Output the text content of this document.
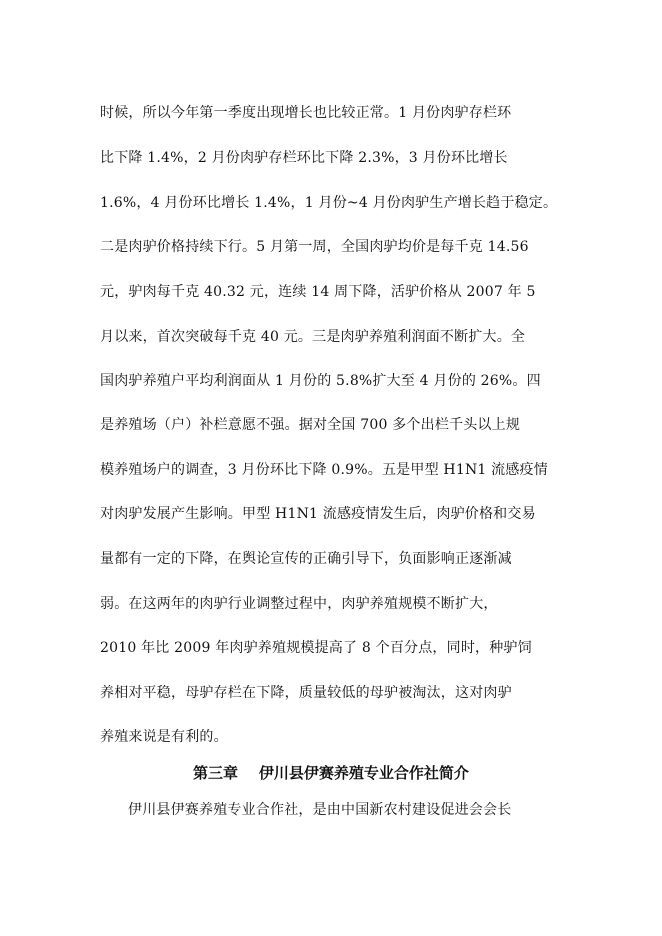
时候，所以今年第一季度出现增长也比较正常。1 月份肉驴存栏环
比下降 1.4%，2 月份肉驴存栏环比下降 2.3%，3 月份环比增长
1.6%，4 月份环比增长 1.4%，1 月份~4 月份肉驴生产增长趋于稳定。
二是肉驴价格持续下行。5 月第一周，全国肉驴均价是每千克 14.56
元，驴肉每千克 40.32 元，连续 14 周下降，活驴价格从 2007 年 5
月以来，首次突破每千克 40 元。三是肉驴养殖利润面不断扩大。全
国肉驴养殖户平均利润面从 1 月份的 5.8%扩大至 4 月份的 26%。四
是养殖场（户）补栏意愿不强。据对全国 700 多个出栏千头以上规
模养殖场户的调查，3 月份环比下降 0.9%。五是甲型 H1N1 流感疫情
对肉驴发展产生影响。甲型 H1N1 流感疫情发生后，肉驴价格和交易
量都有一定的下降，在舆论宣传的正确引导下，负面影响正逐渐减
弱。在这两年的肉驴行业调整过程中，肉驴养殖规模不断扩大，
2010 年比 2009 年肉驴养殖规模提高了 8 个百分点，同时，种驴饲
养相对平稳，母驴存栏在下降，质量较低的母驴被淘汰，这对肉驴
养殖来说是有利的。
第三章    伊川县伊赛养殖专业合作社简介
伊川县伊赛养殖专业合作社，是由中国新农村建设促进会会长
